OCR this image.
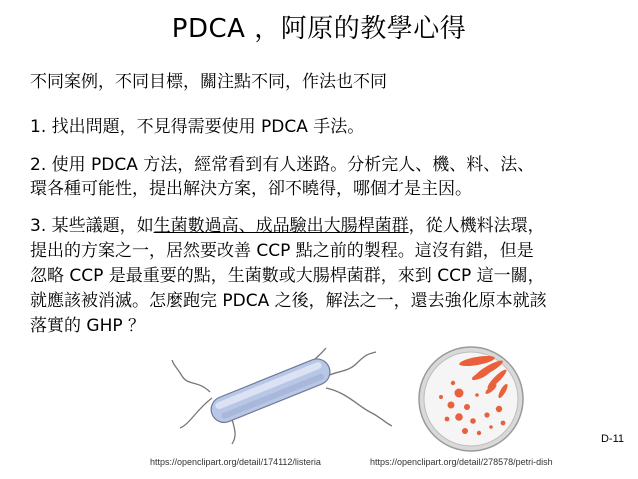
PDCA ，阿原的教學心得
不同案例，不同目標，關注點不同，作法也不同
1. 找出問題，不見得需要使用 PDCA 手法。
2. 使用 PDCA 方法，經常看到有人迷路。分析完人、機、料、法、
環各種可能性，提出解決方案，卻不曉得，哪個才是主因。
3. 某些議題，如生菌數過高、成品驗出大腸桿菌群，從人機料法環，
提出的方案之一，居然要改善 CCP 點之前的製程。這沒有錯，但是
忽略 CCP 是最重要的點，生菌數或大腸桿菌群，來到 CCP 這一關，
就應該被消滅。怎麼跑完 PDCA 之後，解法之一，還去強化原本就該
落實的 GHP ？
D-11
https://openclipart.org/detail/174112/listeria	https://openclipart.org/detail/278578/petri-dish
